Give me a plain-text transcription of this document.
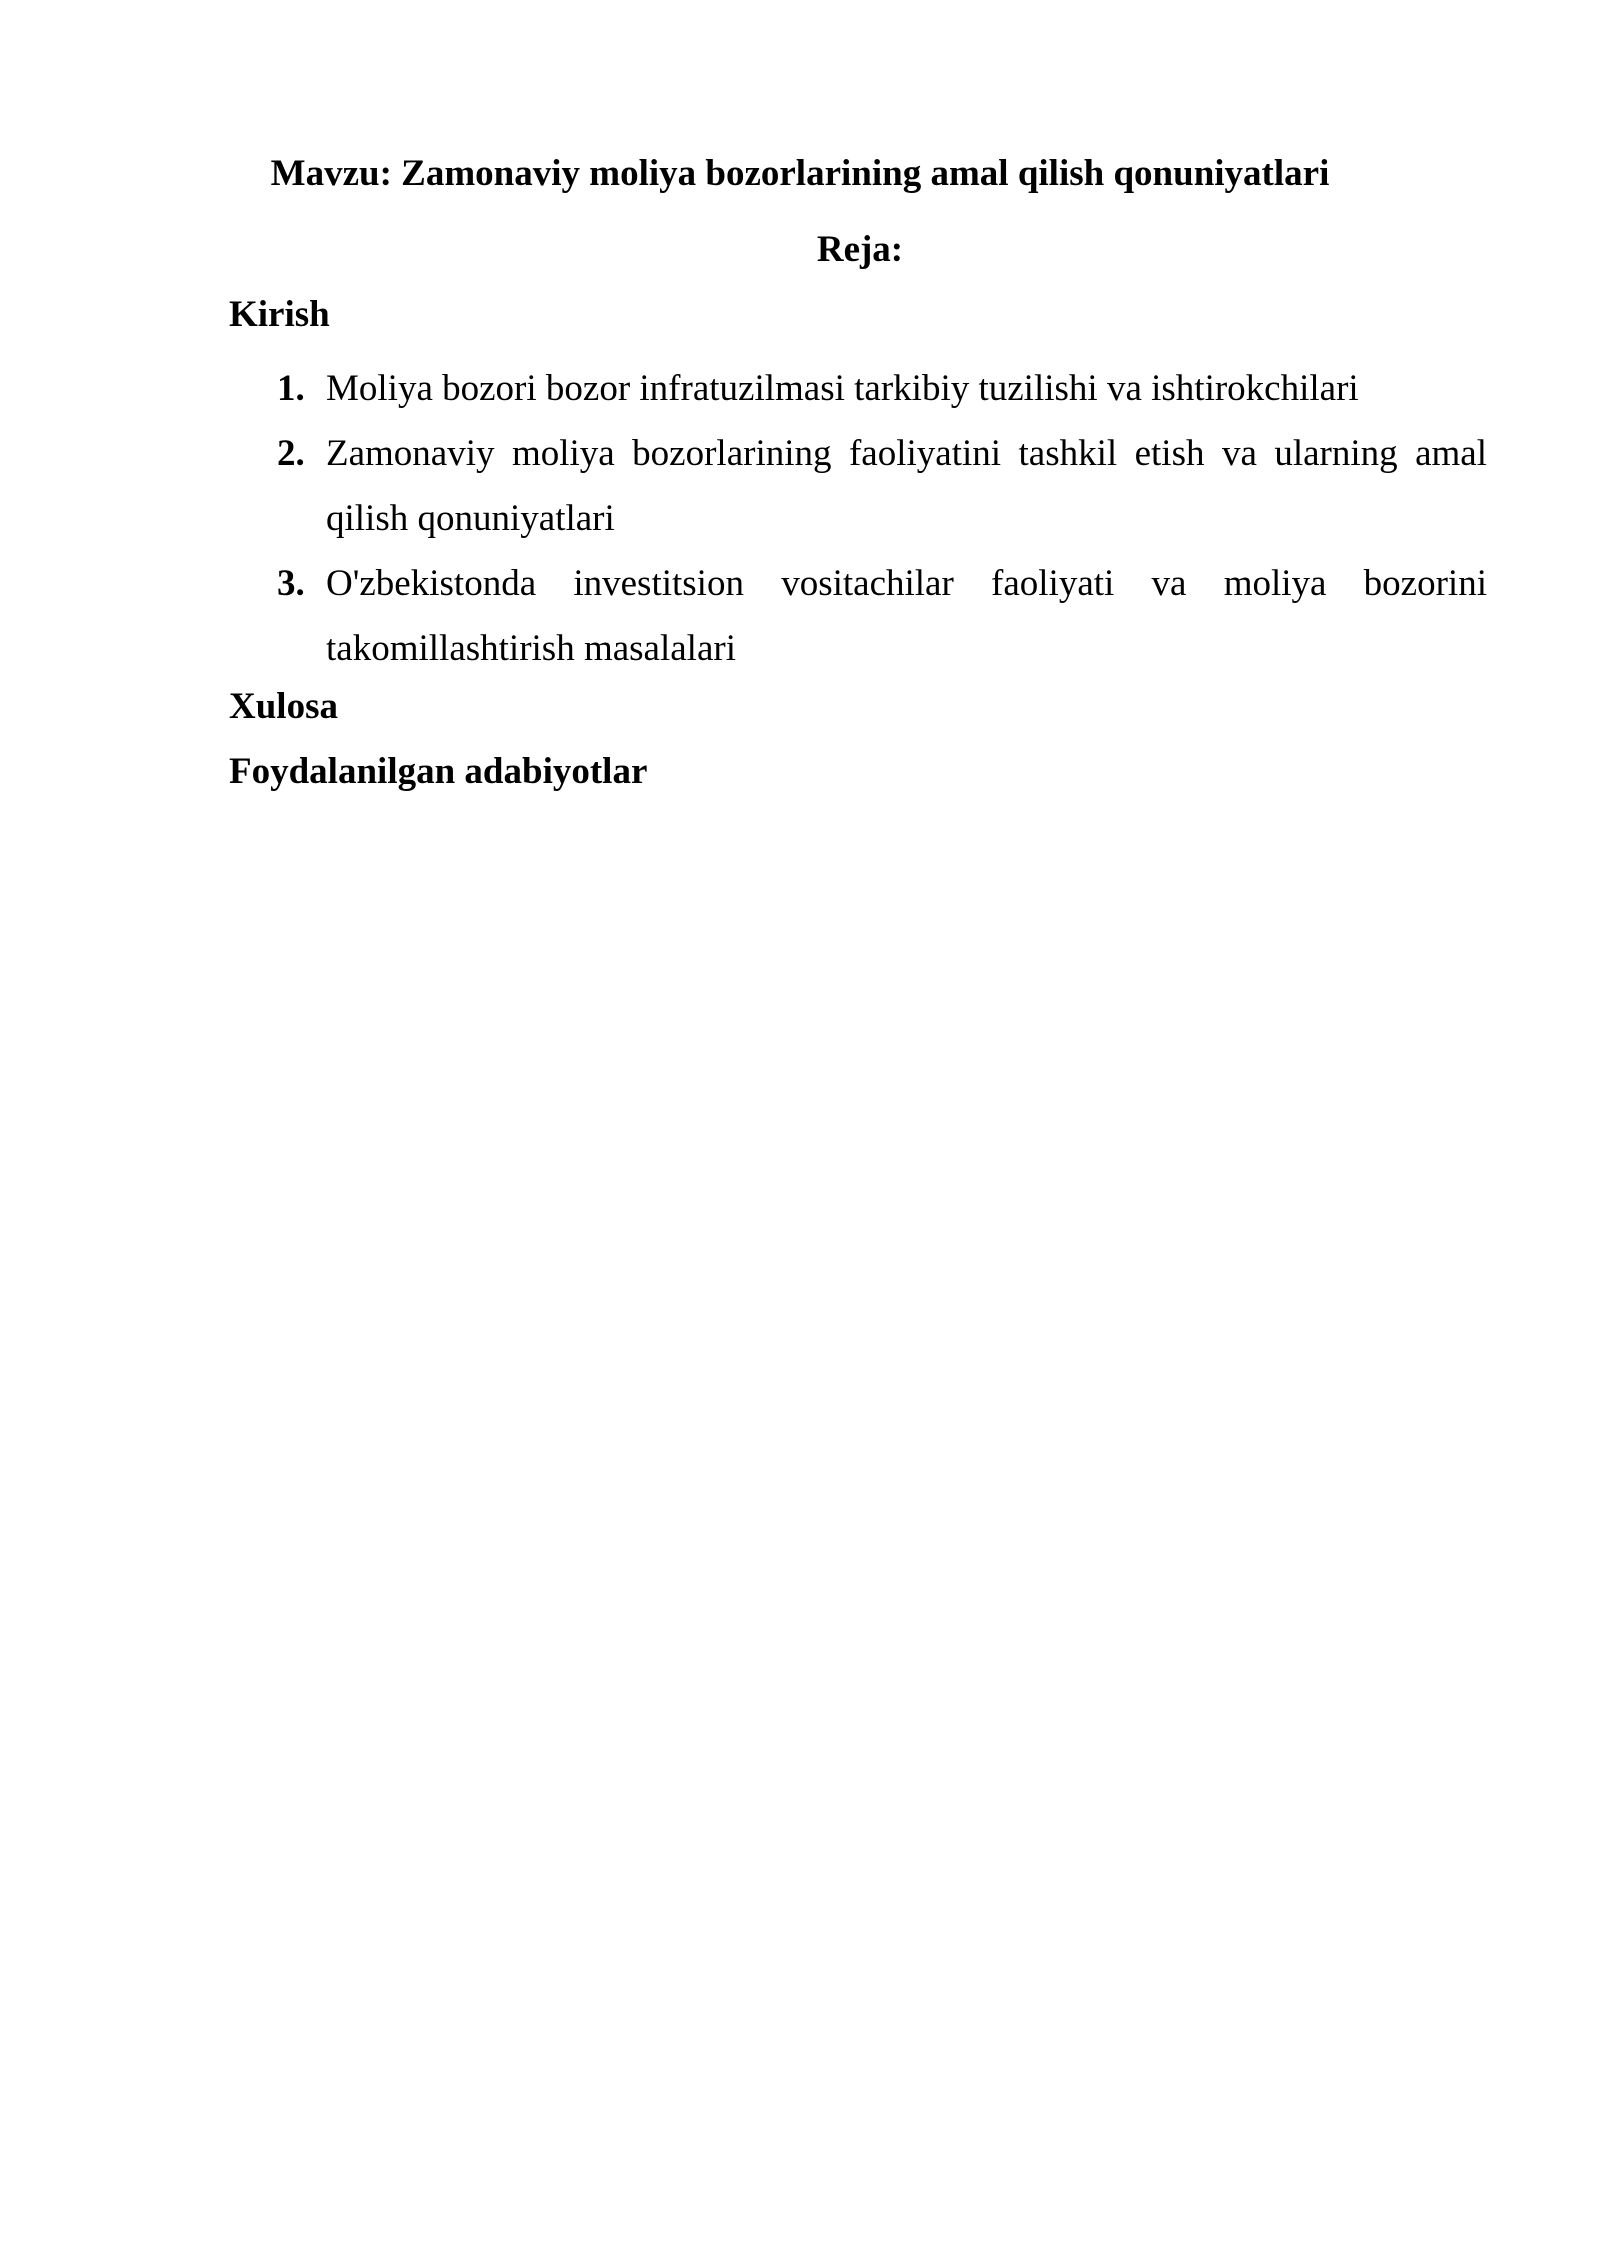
Mavzu: Zamonaviy moliya bozorlarining amal qilish qonuniyatlari
Reja:
Kirish
1. Moliya bozori bozor infratuzilmasi tarkibiy tuzilishi va ishtirokchilari
2. Zamonaviy moliya bozorlarining faoliyatini tashkil etish va ularning amal qilish qonuniyatlari
3. O'zbekistonda investitsion vositachilar faoliyati va moliya bozorini takomillashtirish masalalari
Xulosa
Foydalanilgan adabiyotlar
